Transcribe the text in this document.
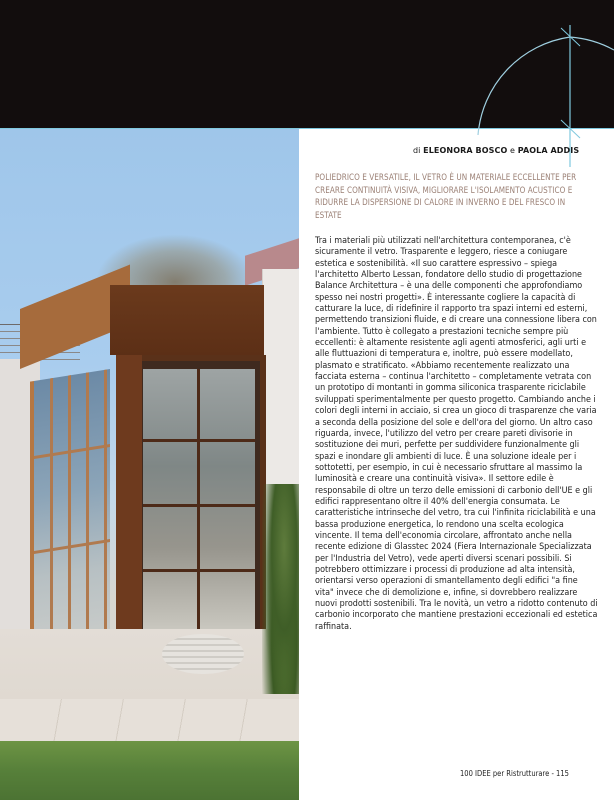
di ELEONORA BOSCO e PAOLA ADDIS
POLIEDRICO E VERSATILE, IL VETRO È UN MATERIALE ECCELLENTE PER CREARE CONTINUITÀ VISIVA, MIGLIORARE L'ISOLAMENTO ACUSTICO E RIDURRE LA DISPERSIONE DI CALORE IN INVERNO E DEL FRESCO IN ESTATE

Tra i materiali più utilizzati nell'architettura contemporanea, c'è sicuramente il vetro. Trasparente e leggero, riesce a coniugare estetica e sostenibilità. «Il suo carattere espressivo – spiega l'architetto Alberto Lessan, fondatore dello studio di progettazione Balance Architettura – è una delle componenti che approfondiamo spesso nei nostri progetti». È interessante cogliere la capacità di catturare la luce, di ridefinire il rapporto tra spazi interni ed esterni, permettendo transizioni fluide, e di creare una connessione libera con l'ambiente. Tutto è collegato a prestazioni tecniche sempre più eccellenti: è altamente resistente agli agenti atmosferici, agli urti e alle fluttuazioni di temperatura e, inoltre, può essere modellato, plasmato e stratificato. «Abbiamo recentemente realizzato una facciata esterna – continua l'architetto – completamente vetrata con un prototipo di montanti in gomma siliconica trasparente riciclabile sviluppati sperimentalmente per questo progetto. Cambiando anche i colori degli interni in acciaio, si crea un gioco di trasparenze che varia a seconda della posizione del sole e dell'ora del giorno. Un altro caso riguarda, invece, l'utilizzo del vetro per creare pareti divisorie in sostituzione dei muri, perfette per suddividere funzionalmente gli spazi e inondare gli ambienti di luce. È una soluzione ideale per i sottotetti, per esempio, in cui è necessario sfruttare al massimo la luminosità e creare una continuità visiva». Il settore edile è responsabile di oltre un terzo delle emissioni di carbonio dell'UE e gli edifici rappresentano oltre il 40% dell'energia consumata. Le caratteristiche intrinseche del vetro, tra cui l'infinita riciclabilità e una bassa produzione energetica, lo rendono una scelta ecologica vincente. Il tema dell'economia circolare, affrontato anche nella recente edizione di Glasstec 2024 (Fiera Internazionale Specializzata per l'Industria del Vetro), vede aperti diversi scenari possibili. Si potrebbero ottimizzare i processi di produzione ad alta intensità, orientarsi verso operazioni di smantellamento degli edifici "a fine vita" invece che di demolizione e, infine, si dovrebbero realizzare nuovi prodotti sostenibili. Tra le novità, un vetro a ridotto contenuto di carbonio incorporato che mantiene prestazioni eccezionali ed estetica raffinata.

100 IDEE per Ristrutturare - 115
